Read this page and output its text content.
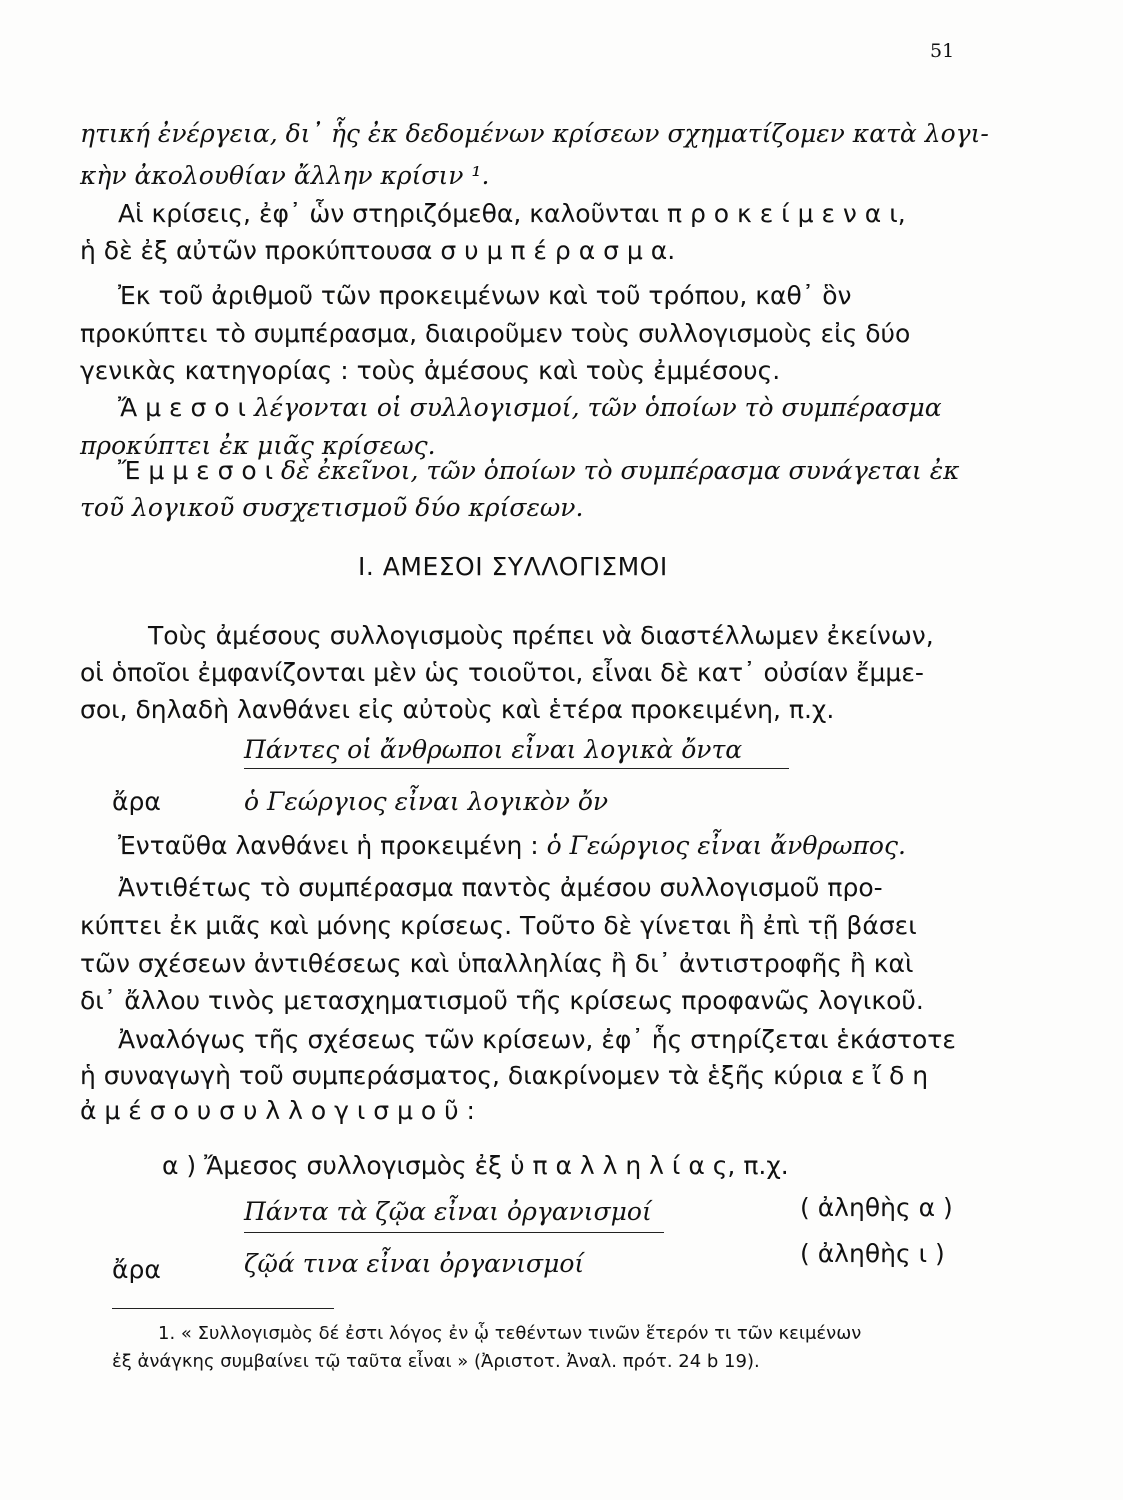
51
ητική ἐνέργεια, δι᾽ ἧς ἐκ δεδομένων κρίσεων σχηματίζομεν κατὰ λογι-
κὴν ἀκολουθίαν ἄλλην κρίσιν ¹.
Αἱ κρίσεις, ἐφ᾽ ὧν στηριζόμεθα, καλοῦνται π ρ ο κ ε ί μ ε ν α ι,
ἡ δὲ ἐξ αὐτῶν προκύπτουσα σ υ μ π έ ρ α σ μ α.
Ἐκ τοῦ ἀριθμοῦ τῶν προκειμένων καὶ τοῦ τρόπου, καθ᾽ ὃν
προκύπτει τὸ συμπέρασμα, διαιροῦμεν τοὺς συλλογισμοὺς εἰς δύο
γενικὰς κατηγορίας : τοὺς ἀμέσους καὶ τοὺς ἐμμέσους.
Ἄ μ ε σ ο ι λέγονται οἱ συλλογισμοί, τῶν ὁποίων τὸ συμπέρασμα
προκύπτει ἐκ μιᾶς κρίσεως.
Ἔ μ μ ε σ ο ι δὲ ἐκεῖνοι, τῶν ὁποίων τὸ συμπέρασμα συνάγεται ἐκ
τοῦ λογικοῦ συσχετισμοῦ δύο κρίσεων.
I. ΑΜΕΣΟΙ ΣΥΛΛΟΓΙΣΜΟΙ
Τοὺς ἀμέσους συλλογισμοὺς πρέπει νὰ διαστέλλωμεν ἐκείνων,
οἱ ὁποῖοι ἐμφανίζονται μὲν ὡς τοιοῦτοι, εἶναι δὲ κατ᾽ οὐσίαν ἔμμε-
σοι, δηλαδὴ λανθάνει εἰς αὐτοὺς καὶ ἑτέρα προκειμένη, π.χ.
Πάντες οἱ ἄνθρωποι εἶναι λογικὰ ὄντα
ἄρα	ὁ Γεώργιος εἶναι λογικὸν ὄν
Ἐνταῦθα λανθάνει ἡ προκειμένη : ὁ Γεώργιος εἶναι ἄνθρωπος.
Ἀντιθέτως τὸ συμπέρασμα παντὸς ἀμέσου συλλογισμοῦ προ-
κύπτει ἐκ μιᾶς καὶ μόνης κρίσεως. Τοῦτο δὲ γίνεται ἢ ἐπὶ τῇ βάσει
τῶν σχέσεων ἀντιθέσεως καὶ ὑπαλληλίας ἢ δι᾽ ἀντιστροφῆς ἢ καὶ
δι᾽ ἄλλου τινὸς μετασχηματισμοῦ τῆς κρίσεως προφανῶς λογικοῦ.
Ἀναλόγως τῆς σχέσεως τῶν κρίσεων, ἐφ᾽ ἧς στηρίζεται ἑκάστοτε
ἡ συναγωγὴ τοῦ συμπεράσματος, διακρίνομεν τὰ ἑξῆς κύρια ε ἴ δ η
ἀ μ έ σ ο υ σ υ λ λ ο γ ι σ μ ο ῦ :
α ) Ἄμεσος συλλογισμὸς ἐξ ὑ π α λ λ η λ ί α ς, π.χ.
Πάντα τὰ ζῷα εἶναι ὀργανισμοί	( ἀληθὴς α )
ἄρα	ζῷά τινα εἶναι ὀργανισμοί	( ἀληθὴς ι )
1. « Συλλογισμὸς δέ ἐστι λόγος ἐν ᾧ τεθέντων τινῶν ἕτερόν τι τῶν κειμένων
ἐξ ἀνάγκης συμβαίνει τῷ ταῦτα εἶναι » (Ἀριστοτ. Ἀναλ. πρότ. 24 b 19).
